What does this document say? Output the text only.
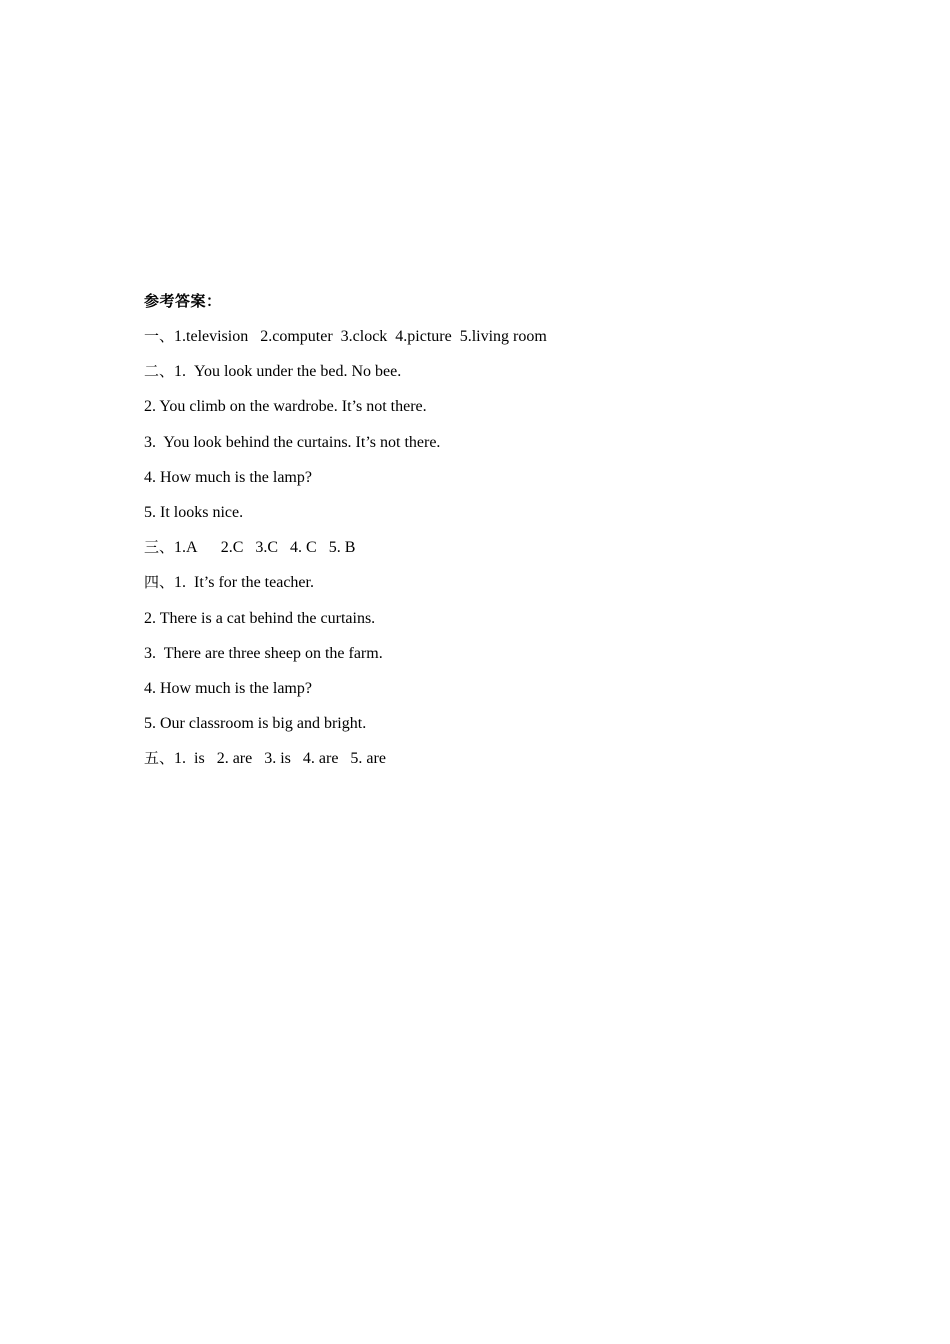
参考答案：
一、1.television   2.computer  3.clock  4.picture  5.living room
二、1.  You look under the bed. No bee.
2. You climb on the wardrobe. It’s not there.
3.  You look behind the curtains. It’s not there.
4. How much is the lamp?
5. It looks nice.
三、1.A      2.C   3.C   4. C   5. B
四、1.  It’s for the teacher.
2. There is a cat behind the curtains.
3.  There are three sheep on the farm.
4. How much is the lamp?
5. Our classroom is big and bright.
五、1.  is   2. are   3. is   4. are   5. are
